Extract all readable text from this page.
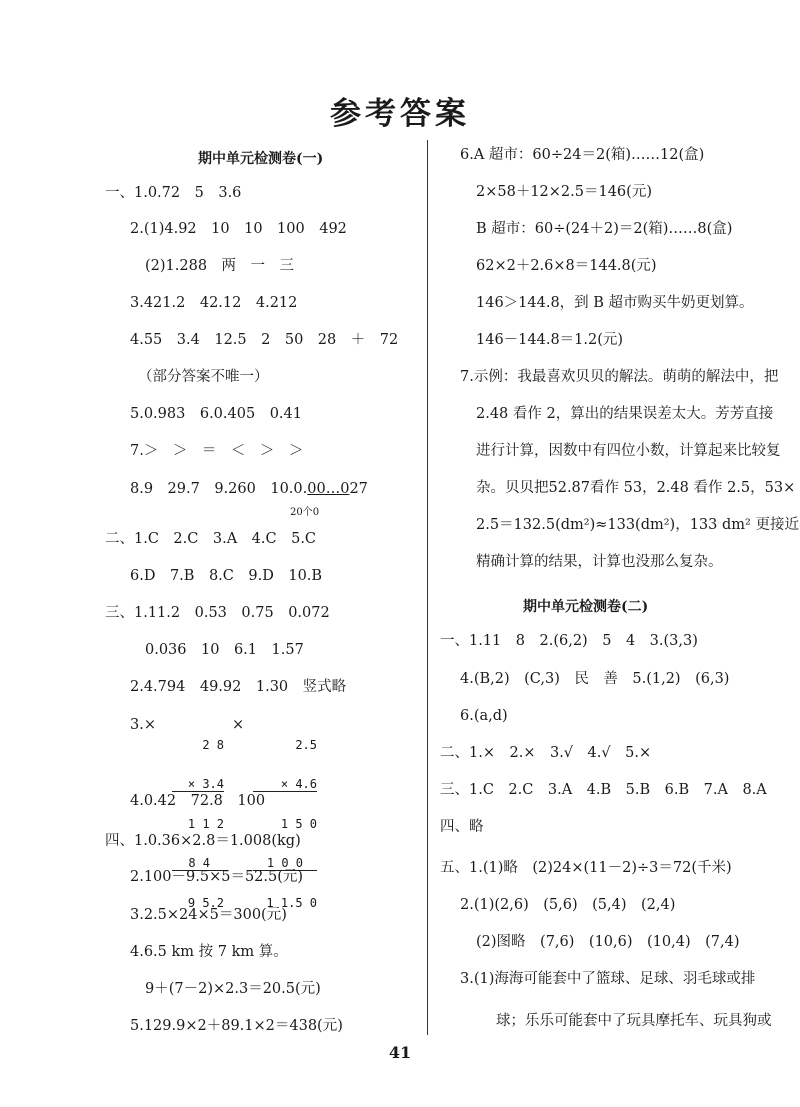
参考答案
期中单元检测卷(一)
一、1.0.72　5　3.6
2.(1)4.92　10　10　100　492
(2)1.288　两　一　三
3.421.2　42.12　4.212
4.55　3.4　12.5　2　50　28　＋　72
（部分答案不唯一）
5.0.983　6.0.405　0.41
7.＞　＞　＝　＜　＞　＞
8.9　29.7　9.260　10.0.00…027
20个0
二、1.C　2.C　3.A　4.C　5.C
6.D　7.B　8.C　9.D　10.B
三、1.11.2　0.53　0.75　0.072
0.036　10　6.1　1.57
2.4.794　49.92　1.30　竖式略
3.×

2 8

× 3.4

1 1 2

8 4

9 5.2

×

2.5

× 4.6

1 5 0

1 0 0

1 1.5 0

4.0.42　72.8　100
四、1.0.36×2.8＝1.008(kg)
2.100－9.5×5＝52.5(元)
3.2.5×24×5＝300(元)
4.6.5 km 按 7 km 算。
9＋(7－2)×2.3＝20.5(元)
5.129.9×2＋89.1×2＝438(元)
6.A 超市：60÷24＝2(箱)……12(盒)
2×58＋12×2.5＝146(元)
B 超市：60÷(24＋2)＝2(箱)……8(盒)
62×2＋2.6×8＝144.8(元)
146＞144.8，到 B 超市购买牛奶更划算。
146－144.8＝1.2(元)
7.示例：我最喜欢贝贝的解法。萌萌的解法中，把
2.48 看作 2，算出的结果误差太大。芳芳直接
进行计算，因数中有四位小数，计算起来比较复
杂。贝贝把52.87看作 53，2.48 看作 2.5，53×
2.5＝132.5(dm²)≈133(dm²)，133 dm² 更接近
精确计算的结果，计算也没那么复杂。
期中单元检测卷(二)
一、1.11　8　2.(6,2)　5　4　3.(3,3)
4.(B,2)　(C,3)　民　善　5.(1,2)　(6,3)
6.(a,d)
二、1.×　2.×　3.√　4.√　5.×
三、1.C　2.C　3.A　4.B　5.B　6.B　7.A　8.A
四、略
五、1.(1)略　(2)24×(11－2)÷3＝72(千米)
2.(1)(2,6)　(5,6)　(5,4)　(2,4)
(2)图略　(7,6)　(10,6)　(10,4)　(7,4)
3.(1)海海可能套中了篮球、足球、羽毛球或排
球；乐乐可能套中了玩具摩托车、玩具狗或
41
